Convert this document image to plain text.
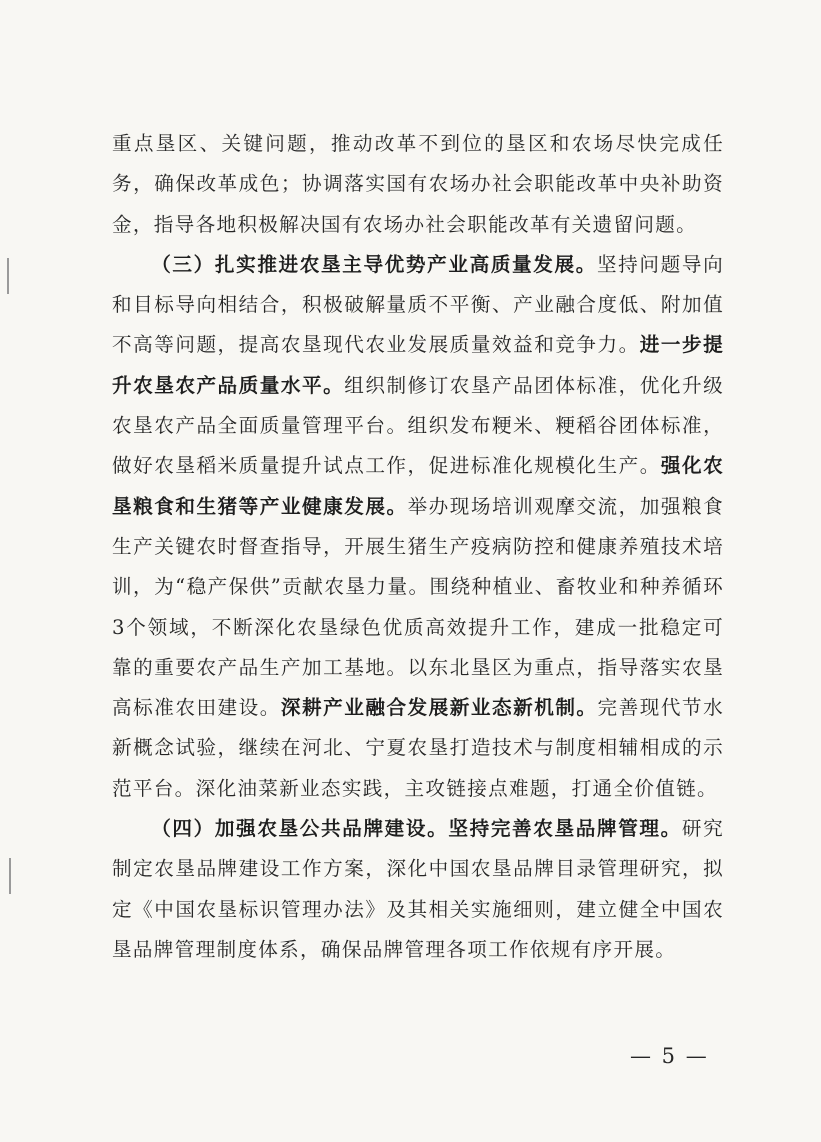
重点垦区、关键问题，推动改革不到位的垦区和农场尽快完成任务，确保改革成色；协调落实国有农场办社会职能改革中央补助资金，指导各地积极解决国有农场办社会职能改革有关遗留问题。

（三）扎实推进农垦主导优势产业高质量发展。坚持问题导向和目标导向相结合，积极破解量质不平衡、产业融合度低、附加值不高等问题，提高农垦现代农业发展质量效益和竞争力。进一步提升农垦农产品质量水平。组织制修订农垦产品团体标准，优化升级农垦农产品全面质量管理平台。组织发布粳米、粳稻谷团体标准，做好农垦稻米质量提升试点工作，促进标准化规模化生产。强化农垦粮食和生猪等产业健康发展。举办现场培训观摩交流，加强粮食生产关键农时督查指导，开展生猪生产疫病防控和健康养殖技术培训，为“稳产保供”贡献农垦力量。围绕种植业、畜牧业和种养循环3个领域，不断深化农垦绿色优质高效提升工作，建成一批稳定可靠的重要农产品生产加工基地。以东北垦区为重点，指导落实农垦高标准农田建设。深耕产业融合发展新业态新机制。完善现代节水新概念试验，继续在河北、宁夏农垦打造技术与制度相辅相成的示范平台。深化油菜新业态实践，主攻链接点难题，打通全价值链。

（四）加强农垦公共品牌建设。坚持完善农垦品牌管理。研究制定农垦品牌建设工作方案，深化中国农垦品牌目录管理研究，拟定《中国农垦标识管理办法》及其相关实施细则，建立健全中国农垦品牌管理制度体系，确保品牌管理各项工作依规有序开展。

— 5 —
